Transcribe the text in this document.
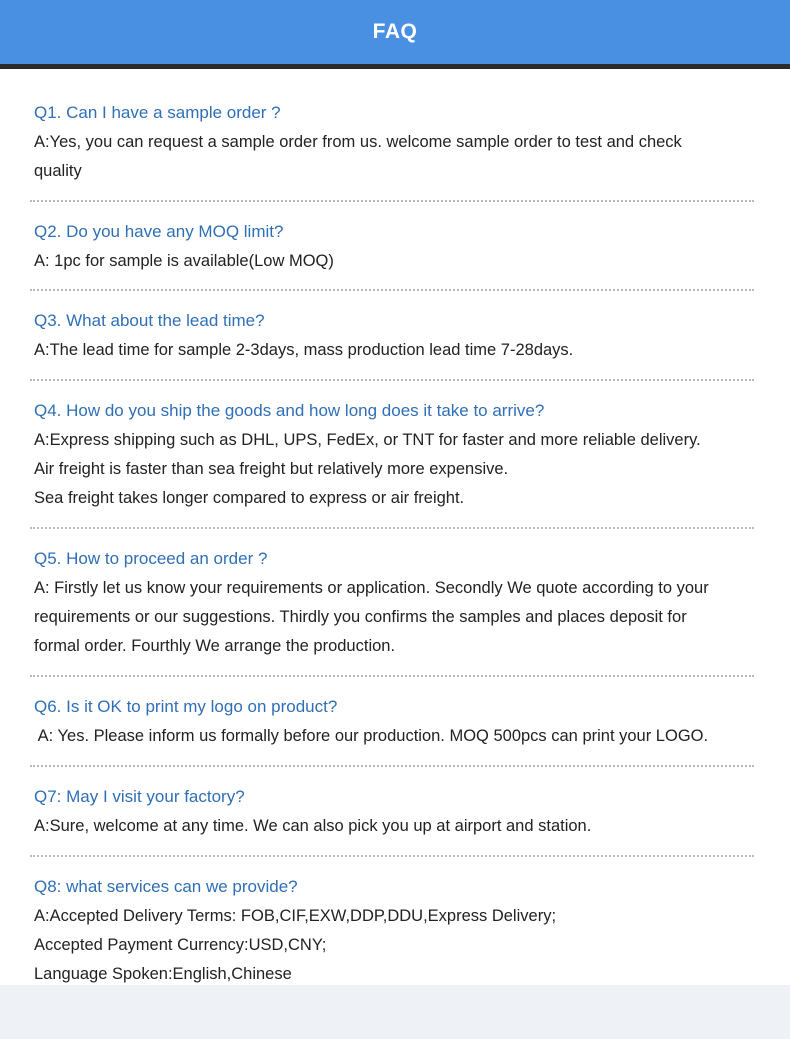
FAQ
Q1. Can I have a sample order ?
A:Yes, you can request a sample order from us. welcome sample order to test and check
quality
Q2. Do you have any MOQ limit?
A: 1pc for sample is available(Low MOQ)
Q3. What about the lead time?
A:The lead time for sample 2-3days, mass production lead time 7-28days.
Q4. How do you ship the goods and how long does it take to arrive?
A:Express shipping such as DHL, UPS, FedEx, or TNT for faster and more reliable delivery.
Air freight is faster than sea freight but relatively more expensive.
Sea freight takes longer compared to express or air freight.
Q5. How to proceed an order ?
A: Firstly let us know your requirements or application. Secondly We quote according to your
requirements or our suggestions. Thirdly you confirms the samples and places deposit for
formal order. Fourthly We arrange the production.
Q6. Is it OK to print my logo on product?
A: Yes. Please inform us formally before our production. MOQ 500pcs can print your LOGO.
Q7: May I visit your factory?
A:Sure, welcome at any time. We can also pick you up at airport and station.
Q8: what services can we provide?
A:Accepted Delivery Terms: FOB,CIF,EXW,DDP,DDU,Express Delivery;
Accepted Payment Currency:USD,CNY;
Language Spoken:English,Chinese
